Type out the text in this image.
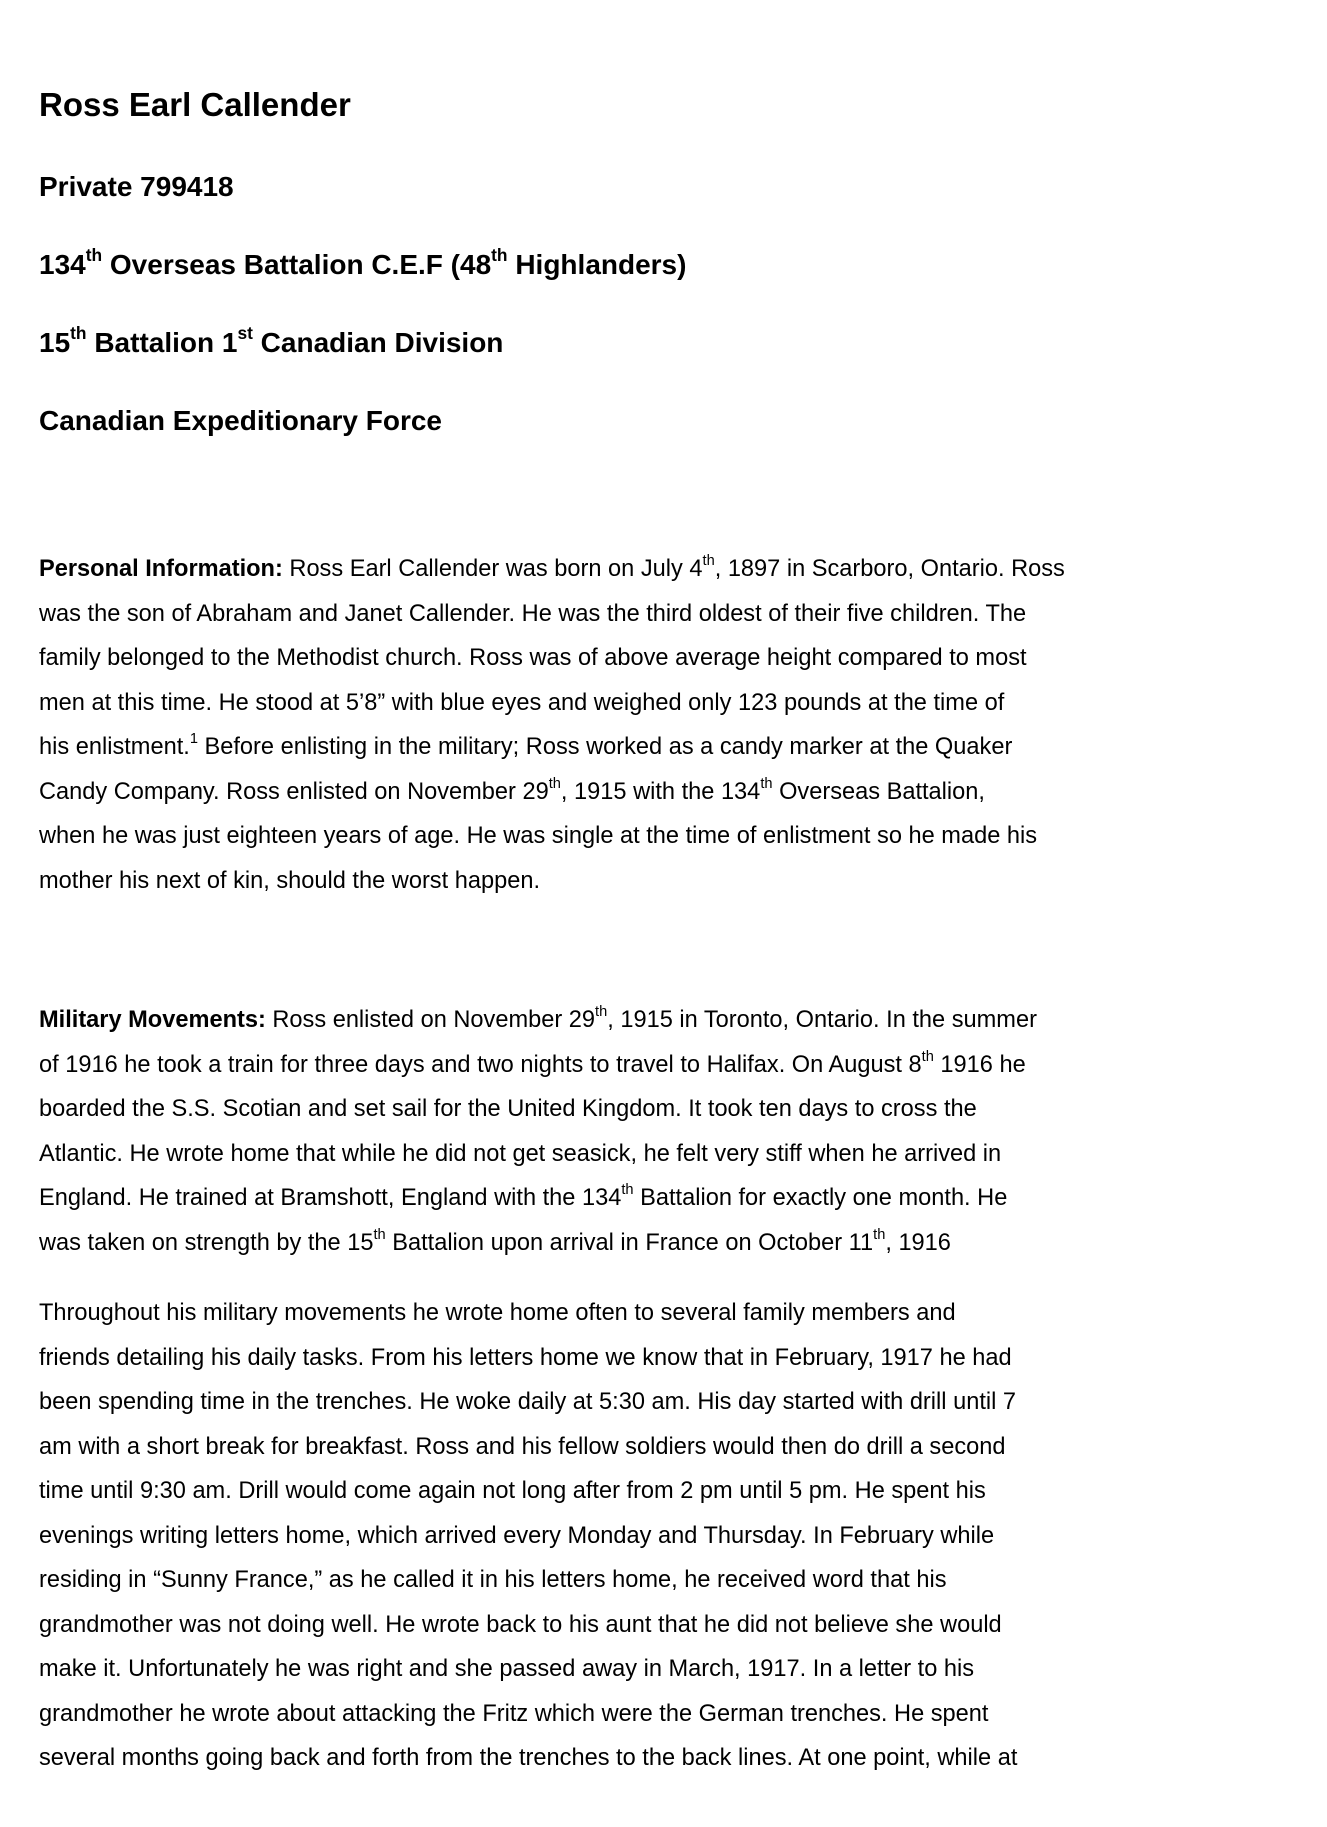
Ross Earl Callender
Private 799418
134th Overseas Battalion C.E.F (48th Highlanders)
15th Battalion 1st Canadian Division
Canadian Expeditionary Force
Personal Information: Ross Earl Callender was born on July 4th, 1897 in Scarboro, Ontario. Ross
was the son of Abraham and Janet Callender. He was the third oldest of their five children. The
family belonged to the Methodist church. Ross was of above average height compared to most
men at this time. He stood at 5’8” with blue eyes and weighed only 123 pounds at the time of
his enlistment.$^1$ Before enlisting in the military; Ross worked as a candy marker at the Quaker
Candy Company. Ross enlisted on November 29th, 1915 with the 134th Overseas Battalion,
when he was just eighteen years of age. He was single at the time of enlistment so he made his
mother his next of kin, should the worst happen.
Military Movements: Ross enlisted on November 29th, 1915 in Toronto, Ontario. In the summer
of 1916 he took a train for three days and two nights to travel to Halifax. On August 8th 1916 he
boarded the S.S. Scotian and set sail for the United Kingdom. It took ten days to cross the
Atlantic. He wrote home that while he did not get seasick, he felt very stiff when he arrived in
England. He trained at Bramshott, England with the 134th Battalion for exactly one month. He
was taken on strength by the 15th Battalion upon arrival in France on October 11th, 1916
Throughout his military movements he wrote home often to several family members and
friends detailing his daily tasks. From his letters home we know that in February, 1917 he had
been spending time in the trenches. He woke daily at 5:30 am. His day started with drill until 7
am with a short break for breakfast. Ross and his fellow soldiers would then do drill a second
time until 9:30 am. Drill would come again not long after from 2 pm until 5 pm. He spent his
evenings writing letters home, which arrived every Monday and Thursday. In February while
residing in “Sunny France,” as he called it in his letters home, he received word that his
grandmother was not doing well. He wrote back to his aunt that he did not believe she would
make it. Unfortunately he was right and she passed away in March, 1917. In a letter to his
grandmother he wrote about attacking the Fritz which were the German trenches. He spent
several months going back and forth from the trenches to the back lines. At one point, while at
